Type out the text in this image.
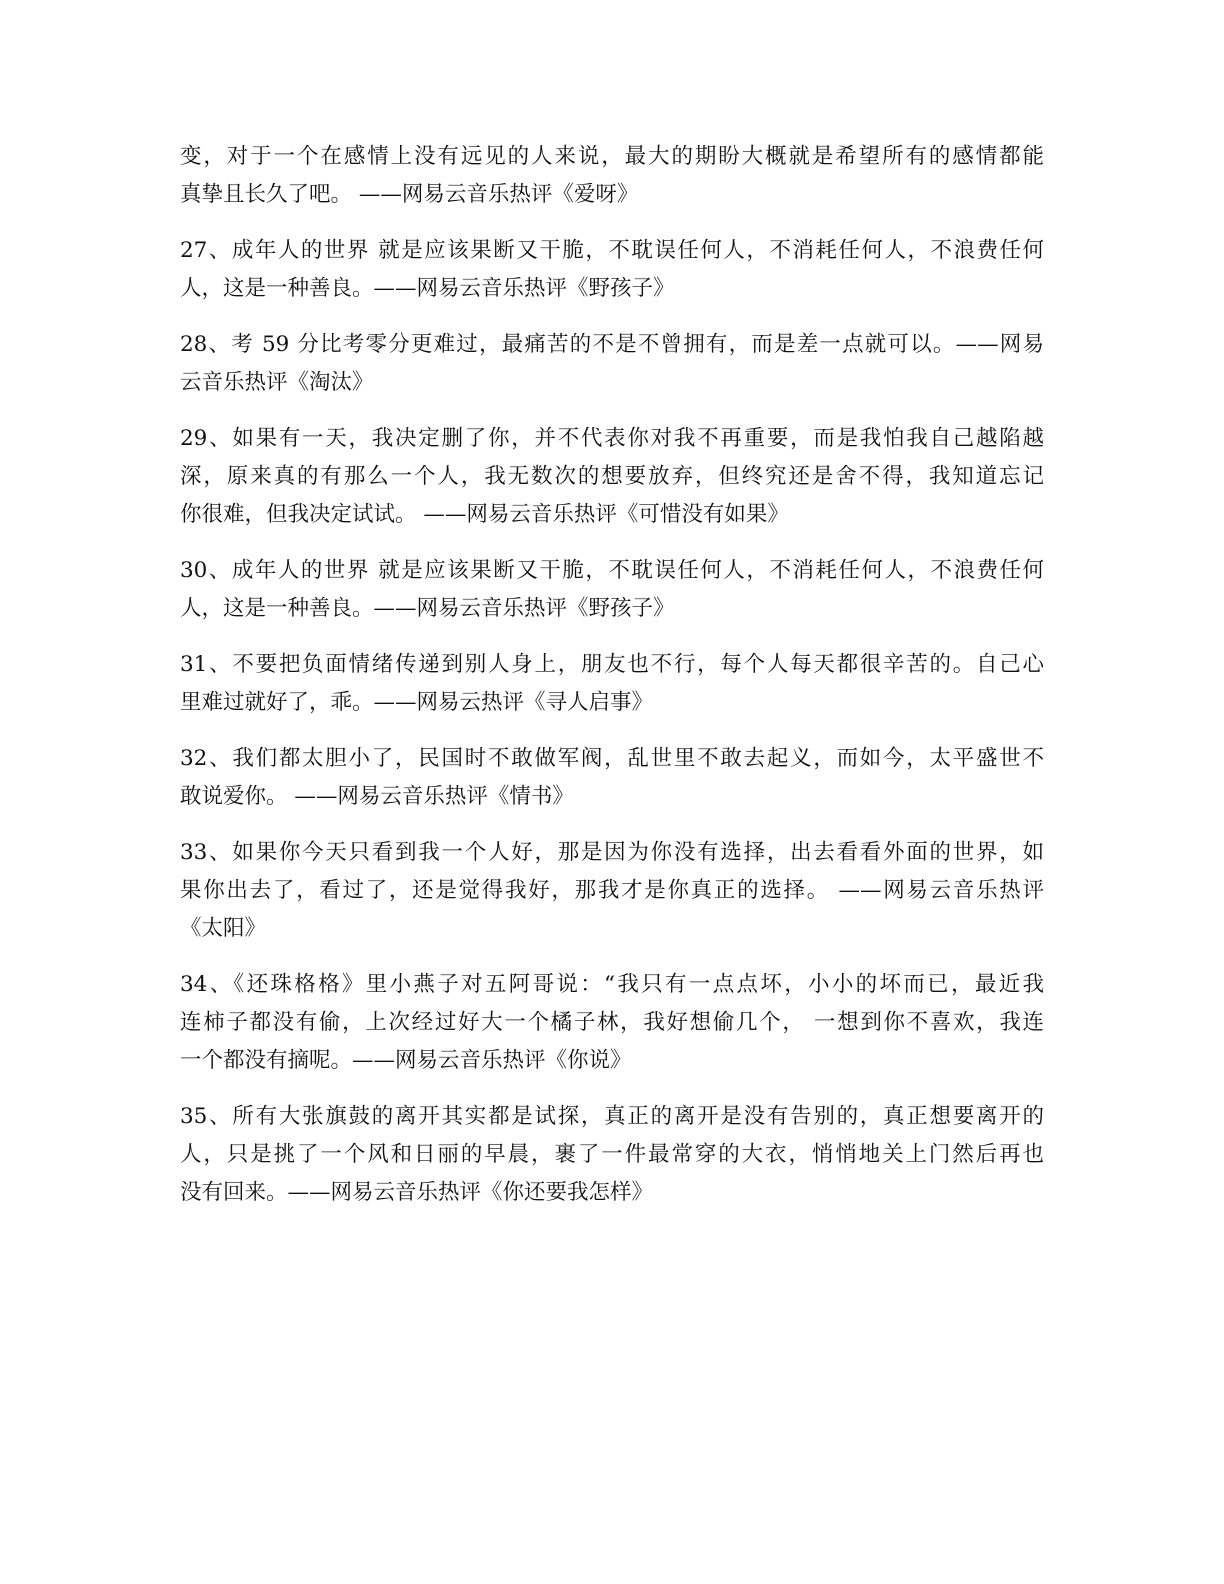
变，对于一个在感情上没有远见的人来说，最大的期盼大概就是希望所有的感情都能
真挚且长久了吧。 ——网易云音乐热评《爱呀》
27、成年人的世界 就是应该果断又干脆，不耽误任何人，不消耗任何人，不浪费任何
人，这是一种善良。——网易云音乐热评《野孩子》
28、考 59 分比考零分更难过，最痛苦的不是不曾拥有，而是差一点就可以。——网易
云音乐热评《淘汰》
29、如果有一天，我决定删了你，并不代表你对我不再重要，而是我怕我自己越陷越
深，原来真的有那么一个人，我无数次的想要放弃，但终究还是舍不得，我知道忘记
你很难，但我决定试试。 ——网易云音乐热评《可惜没有如果》
30、成年人的世界 就是应该果断又干脆，不耽误任何人，不消耗任何人，不浪费任何
人，这是一种善良。——网易云音乐热评《野孩子》
31、不要把负面情绪传递到别人身上，朋友也不行，每个人每天都很辛苦的。自己心
里难过就好了，乖。——网易云热评《寻人启事》
32、我们都太胆小了，民国时不敢做军阀，乱世里不敢去起义，而如今，太平盛世不
敢说爱你。 ——网易云音乐热评《情书》
33、如果你今天只看到我一个人好，那是因为你没有选择，出去看看外面的世界，如
果你出去了，看过了，还是觉得我好，那我才是你真正的选择。 ——网易云音乐热评
《太阳》
34、《还珠格格》里小燕子对五阿哥说：“我只有一点点坏，小小的坏而已，最近我
连柿子都没有偷，上次经过好大一个橘子林，我好想偷几个， 一想到你不喜欢，我连
一个都没有摘呢。——网易云音乐热评《你说》
35、所有大张旗鼓的离开其实都是试探，真正的离开是没有告别的，真正想要离开的
人，只是挑了一个风和日丽的早晨，裹了一件最常穿的大衣，悄悄地关上门然后再也
没有回来。——网易云音乐热评《你还要我怎样》
